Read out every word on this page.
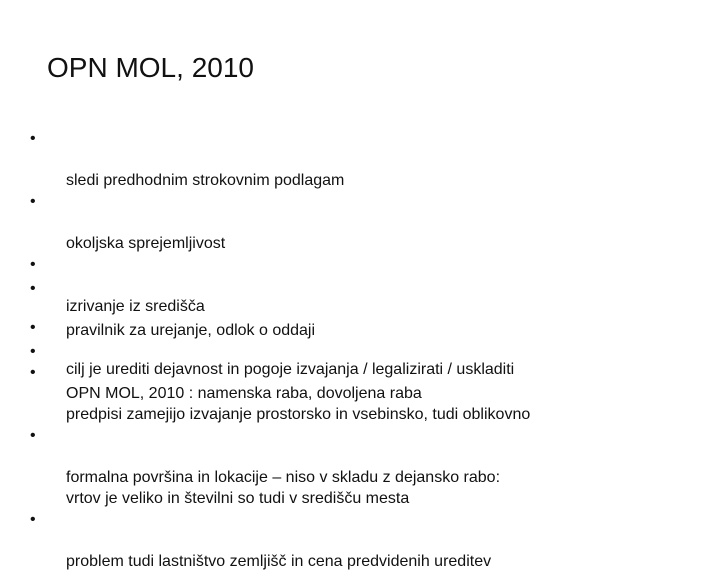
OPN MOL, 2010

•

sledi predhodnim strokovnim podlagam

•

okoljska sprejemljivost

•

izrivanje iz središča

•

cilj je urediti dejavnost in pogoje izvajanja / legalizirati / uskladiti

•

pravilnik za urejanje, odlok o oddaji

•

OPN MOL, 2010 : namenska raba, dovoljena raba

•

predpisi zamejijo izvajanje prostorsko in vsebinsko, tudi oblikovno

•

formalna površina in lokacije – niso v skladu z dejansko rabo:
vrtov je veliko in številni so tudi v središču mesta

•

problem tudi lastništvo zemljišč in cena predvidenih ureditev
